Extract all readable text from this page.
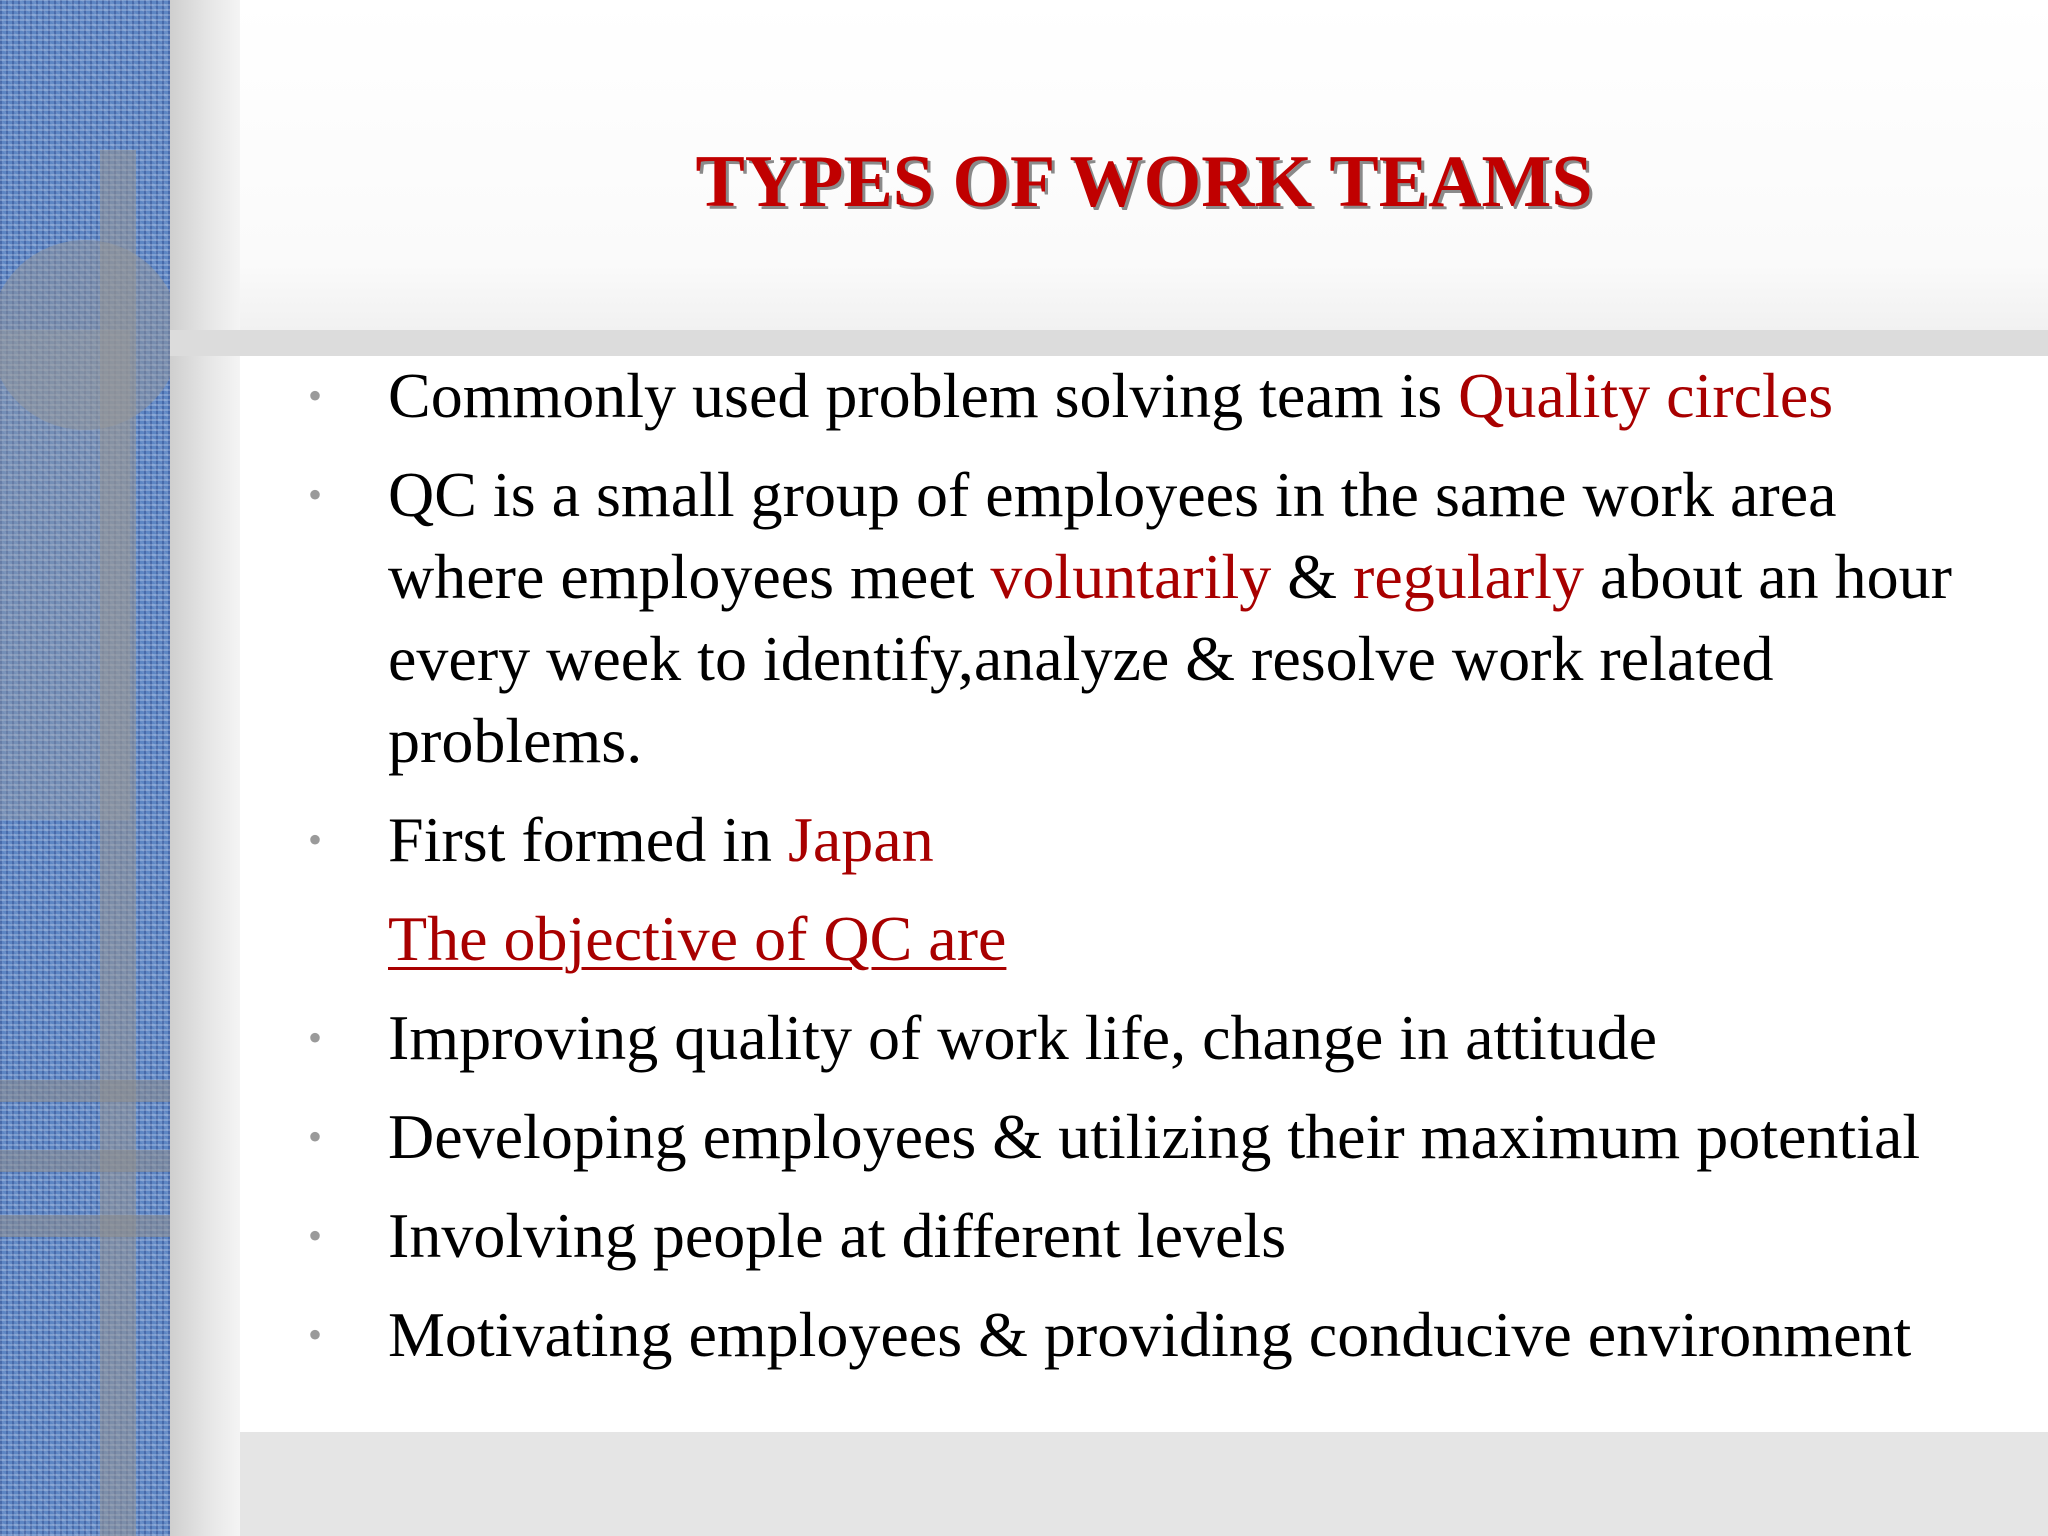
TYPES OF WORK TEAMS
• Commonly used problem solving team is Quality circles
• QC is a small group of employees in the same work area where employees meet voluntarily & regularly about an hour every week to identify,analyze & resolve work related problems.
• First formed in Japan
The objective of QC are
• Improving quality of work life, change in attitude
• Developing employees & utilizing their maximum potential
• Involving people at different levels
• Motivating employees & providing conducive environment
